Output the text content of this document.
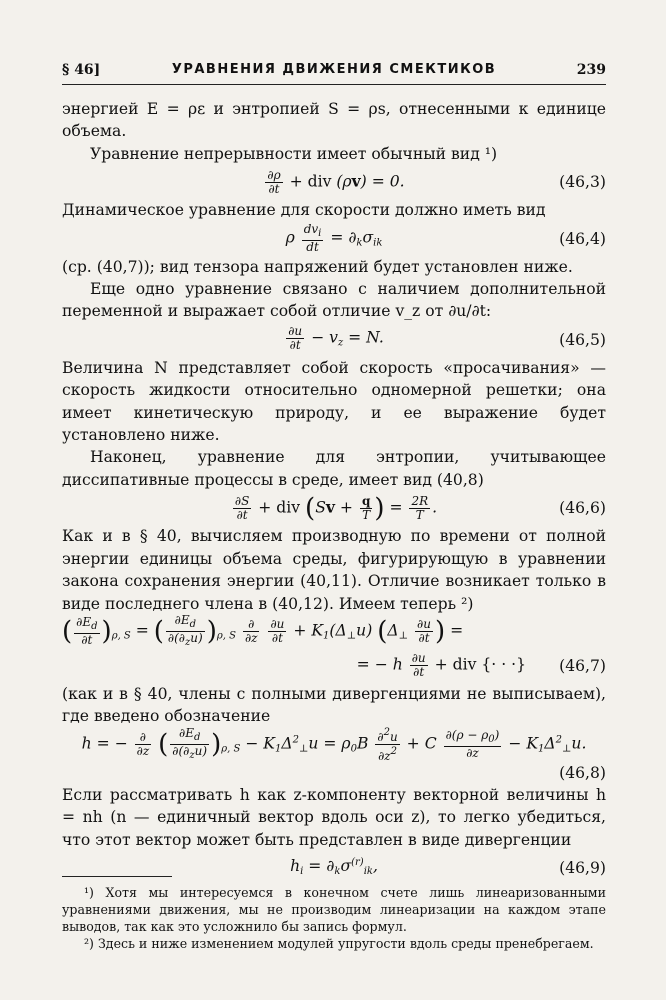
§ 46]	УРАВНЕНИЯ ДВИЖЕНИЯ СМЕКТИКОВ	239

энергией E = ρε и энтропией S = ρs, отнесенными к единице объема.

Уравнение непрерывности имеет обычный вид ¹)

$\frac{\partial\rho}{\partial t}$ + div (ρv) = 0.	(46,3)

Динамическое уравнение для скорости должно иметь вид

ρ $\frac{dv_i}{dt} = \partial_k\sigma_{ik}$	(46,4)

(ср. (40,7)); вид тензора напряжений будет установлен ниже.

Еще одно уравнение связано с наличием дополнительной переменной и выражает собой отличие v_z от ∂u/∂t:

$\frac{\partial u}{\partial t} - v_z = N$.	(46,5)

Величина N представляет собой скорость «просачивания» — скорость жидкости относительно одномерной решетки; она имеет кинетическую природу, и ее выражение будет установлено ниже.

Наконец, уравнение для энтропии, учитывающее диссипативные процессы в среде, имеет вид (40,8)

$\frac{\partial S}{\partial t}$ + div ($Sv + \frac{q}{T}$ ) = $\frac{2R}{T}$ .	(46,6)

Как и в § 40, вычисляем производную по времени от полной энергии единицы объема среды, фигурирующую в уравнении закона сохранения энергии (40,11). Отличие возникает только в виде последнего члена в (40,12). Имеем теперь ²)

( $\frac{\partial E_d}{\partial t} )_{\rho, S}$ = ( $\frac{\partial E_d}{\partial(\partial_zu)} )_{\rho, S} \frac{\partial}{\partial z}$
$\frac{\partial u}{\partial t} + K_1(\Delta_\perp u)$ ($\Delta_\perp \frac{\partial u}{\partial t}$ ) =
= − h $\frac{\partial u}{\partial t}$ + div {· · ·} (46,7)

(как и в § 40, члены с полными дивергенциями не выписываем), где введено обозначение

h = − $\frac{\partial}{\partial z}$ ( $\frac{\partial E_d}{\partial(\partial_zu)} )_{\rho, S} - K_1\Delta^2_\perp u = \rho_0B \frac{\partial^2u}{\partial z^2} + C \frac{\partial(\rho - \rho_0)}{\partial z} - K_1\Delta^2_\perp u$.
(46,8)

Если рассматривать h как z-компоненту векторной величины h = nh (n — единичный вектор вдоль оси z), то легко убедиться, что этот вектор может быть представлен в виде дивергенции

$h_i = \partial_k\sigma^{(r)}_{ik}$,	(46,9)

¹) Хотя мы интересуемся в конечном счете лишь линеаризованными уравнениями движения, мы не производим линеаризации на каждом этапе выводов, так как это усложнило бы запись формул.

²) Здесь и ниже изменением модулей упругости вдоль среды пренебрегаем.
